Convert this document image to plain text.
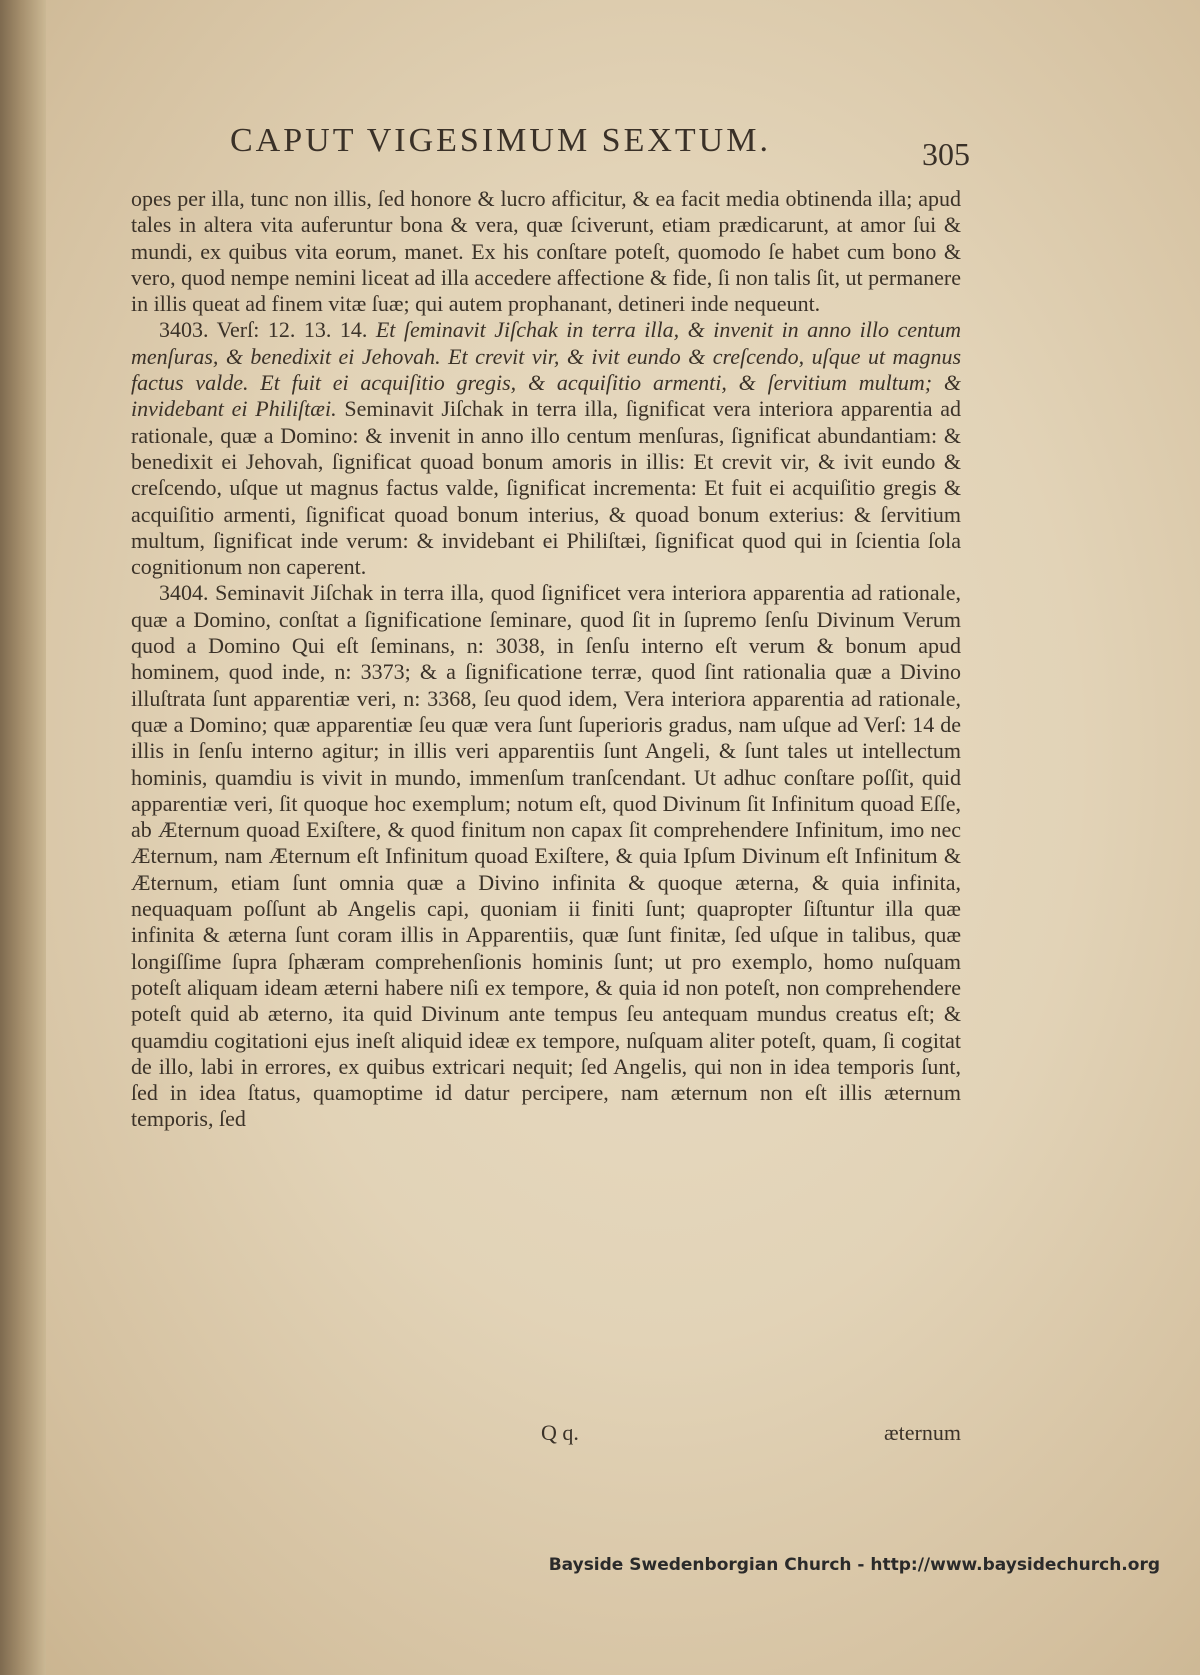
CAPUT VIGESIMUM SEXTUM.	305

opes per illa, tunc non illis, ſed honore & lucro afficitur, & ea facit media obtinenda illa; apud tales in altera vita auferuntur bona & vera, quæ ſciverunt, etiam prædicarunt, at amor ſui & mundi, ex quibus vita eorum, manet. Ex his conſtare poteſt, quomodo ſe habet cum bono & vero, quod nempe nemini liceat ad illa accedere affectione & fide, ſi non talis ſit, ut permanere in illis queat ad finem vitæ ſuæ; qui autem prophanant, detineri inde nequeunt.

3403. Verſ: 12. 13. 14. Et ſeminavit Jiſchak in terra illa, & invenit in anno illo centum menſuras, & benedixit ei Jehovah. Et crevit vir, & ivit eundo & creſcendo, uſque ut magnus factus valde. Et fuit ei acquiſitio gregis, & acquiſitio armenti, & ſervitium multum; & invidebant ei Philiſtæi. Seminavit Jiſchak in terra illa, ſignificat vera interiora apparentia ad rationale, quæ a Domino: & invenit in anno illo centum menſuras, ſignificat abundantiam: & benedixit ei Jehovah, ſignificat quoad bonum amoris in illis: Et crevit vir, & ivit eundo & creſcendo, uſque ut magnus factus valde, ſignificat incrementa: Et fuit ei acquiſitio gregis & acquiſitio armenti, ſignificat quoad bonum interius, & quoad bonum exterius: & ſervitium multum, ſignificat inde verum: & invidebant ei Philiſtæi, ſignificat quod qui in ſcientia ſola cognitionum non caperent.

3404. Seminavit Jiſchak in terra illa, quod ſignificet vera interiora apparentia ad rationale, quæ a Domino, conſtat a ſignificatione ſeminare, quod ſit in ſupremo ſenſu Divinum Verum quod a Domino Qui eſt ſeminans, n: 3038, in ſenſu interno eſt verum & bonum apud hominem, quod inde, n: 3373; & a ſignificatione terræ, quod ſint rationalia quæ a Divino illuſtrata ſunt apparentiæ veri, n: 3368, ſeu quod idem, Vera interiora apparentia ad rationale, quæ a Domino; quæ apparentiæ ſeu quæ vera ſunt ſuperioris gradus, nam uſque ad Verſ: 14 de illis in ſenſu interno agitur; in illis veri apparentiis ſunt Angeli, & ſunt tales ut intellectum hominis, quamdiu is vivit in mundo, immenſum tranſcendant. Ut adhuc conſtare poſſit, quid apparentiæ veri, ſit quoque hoc exemplum; notum eſt, quod Divinum ſit Infinitum quoad Eſſe, ab Æternum quoad Exiſtere, & quod finitum non capax ſit comprehendere Infinitum, imo nec Æternum, nam Æternum eſt Infinitum quoad Exiſtere, & quia Ipſum Divinum eſt Infinitum & Æternum, etiam ſunt omnia quæ a Divino infinita & quoque æterna, & quia infinita, nequaquam poſſunt ab Angelis capi, quoniam ii finiti ſunt; quapropter ſiſtuntur illa quæ infinita & æterna ſunt coram illis in Apparentiis, quæ ſunt finitæ, ſed uſque in talibus, quæ longiſſime ſupra ſphæram comprehenſionis hominis ſunt; ut pro exemplo, homo nuſquam poteſt aliquam ideam æterni habere niſi ex tempore, & quia id non poteſt, non comprehendere poteſt quid ab æterno, ita quid Divinum ante tempus ſeu antequam mundus creatus eſt; & quamdiu cogitationi ejus ineſt aliquid ideæ ex tempore, nuſquam aliter poteſt, quam, ſi cogitat de illo, labi in errores, ex quibus extricari nequit; ſed Angelis, qui non in idea temporis ſunt, ſed in idea ſtatus, quamoptime id datur percipere, nam æternum non eſt illis æternum temporis, ſed

Q q.	æternum
Bayside Swedenborgian Church - http://www.baysidechurch.org
